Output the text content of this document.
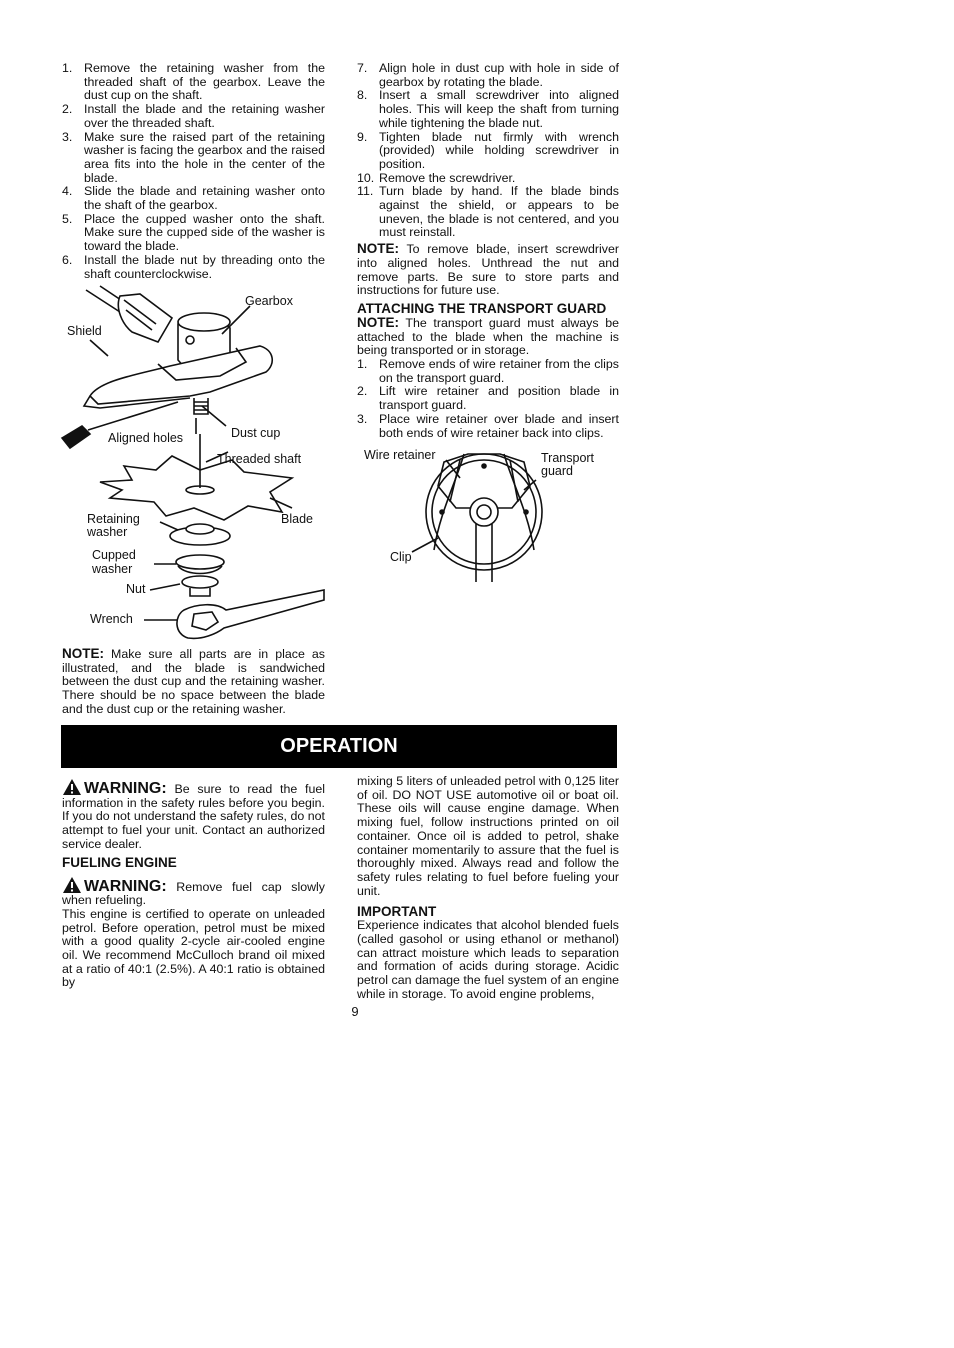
1. Remove the retaining washer from the threaded shaft of the gearbox. Leave the dust cup on the shaft.
2. Install the blade and the retaining washer over the threaded shaft.
3. Make sure the raised part of the retaining washer is facing the gearbox and the raised area fits into the hole in the center of the blade.
4. Slide the blade and retaining washer onto the shaft of the gearbox.
5. Place the cupped washer onto the shaft. Make sure the cupped side of the washer is toward the blade.
6. Install the blade nut by threading onto the shaft counterclockwise.
Gearbox
Shield
Aligned holes	Dust cup
Threaded shaft
Retaining
washer
Blade
Cupped
washer
Nut
Wrench
NOTE: Make sure all parts are in place as illustrated, and the blade is sandwiched between the dust cup and the retaining washer. There should be no space between the blade and the dust cup or the retaining washer.
7. Align hole in dust cup with hole in side of gearbox by rotating the blade.
8. Insert a small screwdriver into aligned holes. This will keep the shaft from turning while tightening the blade nut.
9. Tighten blade nut firmly with wrench (provided) while holding screwdriver in position.
10. Remove the screwdriver.
11. Turn blade by hand. If the blade binds against the shield, or appears to be uneven, the blade is not centered, and you must reinstall.
NOTE: To remove blade, insert screwdriver into aligned holes. Unthread the nut and remove parts. Be sure to store parts and instructions for future use.
ATTACHING THE TRANSPORT GUARD
NOTE: The transport guard must always be attached to the blade when the machine is being transported or in storage.
1. Remove ends of wire retainer from the clips on the transport guard.
2. Lift wire retainer and position blade in transport guard.
3. Place wire retainer over blade and insert both ends of wire retainer back into clips.
Wire retainer	Transport
guard
Clip
OPERATION
WARNING: Be sure to read the fuel information in the safety rules before you begin. If you do not understand the safety rules, do not attempt to fuel your unit. Contact an authorized service dealer.
FUELING ENGINE
WARNING: Remove fuel cap slowly when refueling.
This engine is certified to operate on unleaded petrol. Before operation, petrol must be mixed with a good quality 2-cycle air-cooled engine oil. We recommend McCulloch brand oil mixed at a ratio of 40:1 (2.5%). A 40:1 ratio is obtained by
mixing 5 liters of unleaded petrol with 0,125 liter of oil. DO NOT USE automotive oil or boat oil. These oils will cause engine damage. When mixing fuel, follow instructions printed on oil container. Once oil is added to petrol, shake container momentarily to assure that the fuel is thoroughly mixed. Always read and follow the safety rules relating to fuel before fueling your unit.
IMPORTANT
Experience indicates that alcohol blended fuels (called gasohol or using ethanol or methanol) can attract moisture which leads to separation and formation of acids during storage. Acidic petrol can damage the fuel system of an engine while in storage. To avoid engine problems,
9
